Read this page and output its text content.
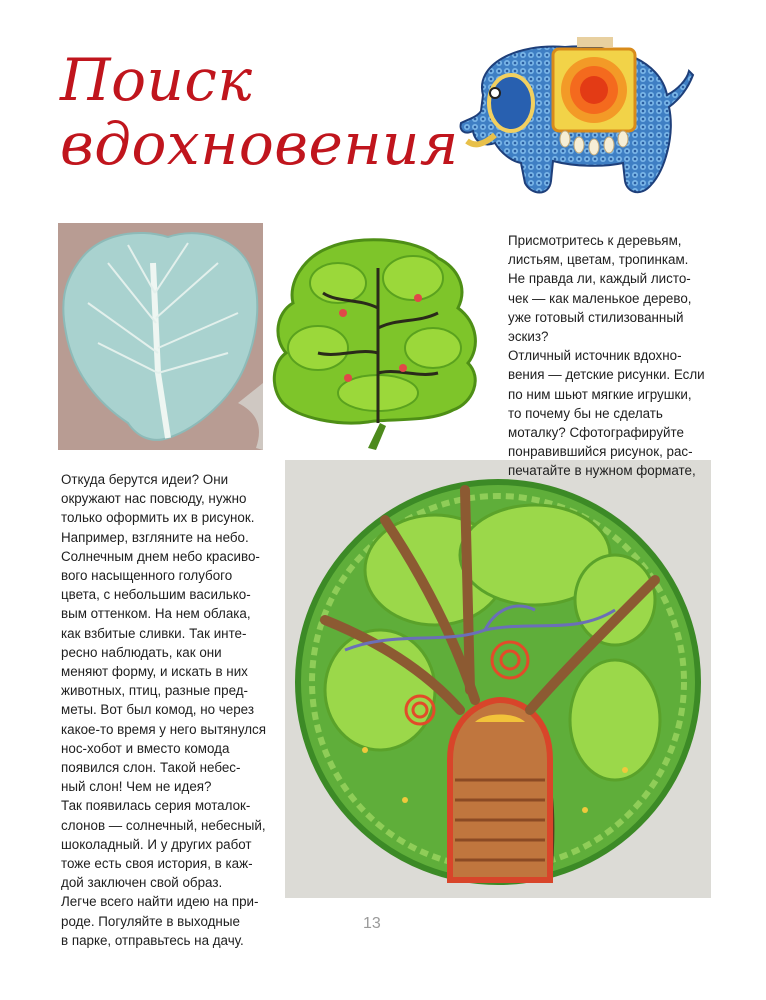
Поиск
вдохновения

Присмотритесь к деревьям,
листьям, цветам, тропинкам.
Не правда ли, каждый листо-
чек — как маленькое дерево,
уже готовый стилизованный
эскиз?
Отличный источник вдохно-
вения — детские рисунки. Если
по ним шьют мягкие игрушки,
то почему бы не сделать
моталку? Сфотографируйте
понравившийся рисунок, рас-
печатайте в нужном формате,

Откуда берутся идеи? Они
окружают нас повсюду, нужно
только оформить их в рисунок.
Например, взгляните на небо.
Солнечным днем небо красиво-
вого насыщенного голубого
цвета, с небольшим василько-
вым оттенком. На нем облака,
как взбитые сливки. Так инте-
ресно наблюдать, как они
меняют форму, и искать в них
животных, птиц, разные пред-
меты. Вот был комод, но через
какое-то время у него вытянулся
нос-хобот и вместо комода
появился слон. Такой небес-
ный слон! Чем не идея?
Так появилась серия моталок-
слонов — солнечный, небесный,
шоколадный. И у других работ
тоже есть своя история, в каж-
дой заключен свой образ.
Легче всего найти идею на при-
роде. Погуляйте в выходные
в парке, отправьтесь на дачу.

13
